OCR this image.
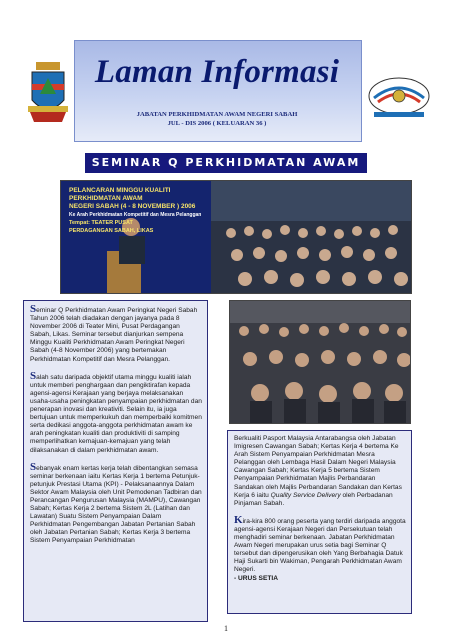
Laman Informasi
JABATAN PERKHIDMATAN AWAM NEGERI SABAH
JUL - DIS 2006 ( KELUARAN 36 )
SEMINAR Q PERKHIDMATAN AWAM
PELANCARAN MINGGU KUALITI
PERKHIDMATAN AWAM
NEGERI SABAH (4 - 8 NOVEMBER ) 2006
Ke Arah Perkhidmatan Kompetitif dan Mesra Pelanggan
Tempat: TEATER PUSAT
PERDAGANGAN SABAH, LIKAS

Seminar Q Perkhidmatan Awam Peringkat Negeri Sabah Tahun 2006 telah diadakan dengan jayanya pada 8 November 2006 di Teater Mini, Pusat Perdagangan Sabah, Likas. Seminar tersebut dianjurkan sempena Minggu Kualiti Perkhidmatan Awam Peringkat Negeri Sabah (4-8 November 2006) yang bertemakan Perkhidmatan Kompetitif dan Mesra Pelanggan.

Salah satu daripada objektif utama minggu kualiti ialah untuk memberi penghargaan dan pengiktirafan kepada agensi-agensi Kerajaan yang berjaya melaksanakan usaha-usaha peningkatan penyampaian perkhidmatan dan penerapan inovasi dan kreativiti. Selain itu, ia juga bertujuan untuk memperkukuh dan memperbaiki komitmen serta dedikasi anggota-anggota perkhidmatan awam ke arah peningkatan kualiti dan produktiviti di samping memperlihatkan kemajuan-kemajuan yang telah dilaksanakan di dalam perkhidmatan awam.

Sebanyak enam kertas kerja telah dibentangkan semasa seminar berkenaan iaitu Kertas Kerja 1 bertema Petunjuk-petunjuk Prestasi Utama (KPI) - Pelaksanaannya Dalam Sektor Awam Malaysia oleh Unit Pemodenan Tadbiran dan Perancangan Pengurusan Malaysia (MAMPU), Cawangan Sabah; Kertas Kerja 2 bertema Sistem 2L (Latihan dan Lawatan) Suatu Sistem Penyampaian Dalam Perkhidmatan Pengembangan Jabatan Pertanian Sabah oleh Jabatan Pertanian Sabah; Kertas Kerja 3 bertema Sistem Penyampaian Perkhidmatan

Berkualiti Pasport Malaysia Antarabangsa oleh Jabatan Imigresen Cawangan Sabah; Kertas Kerja 4 bertema Ke Arah Sistem Penyampaian Perkhidmatan Mesra Pelanggan oleh Lembaga Hasil Dalam Negeri Malaysia Cawangan Sabah; Kertas Kerja 5 bertema Sistem Penyampaian Perkhidmatan Majlis Perbandaran Sandakan oleh Majlis Perbandaran Sandakan dan Kertas Kerja 6 iaitu Quality Service Delivery oleh Perbadanan Pinjaman Sabah.

Kira-kira 800 orang peserta yang terdiri daripada anggota agensi-agensi Kerajaan Negeri dan Persekutuan telah menghadiri seminar berkenaan. Jabatan Perkhidmatan Awam Negeri merupakan urus setia bagi Seminar Q tersebut dan dipengerusikan oleh Yang Berbahagia Datuk Haji Sukarti bin Wakiman, Pengarah Perkhidmatan Awam Negeri.

- URUS SETIA
1
